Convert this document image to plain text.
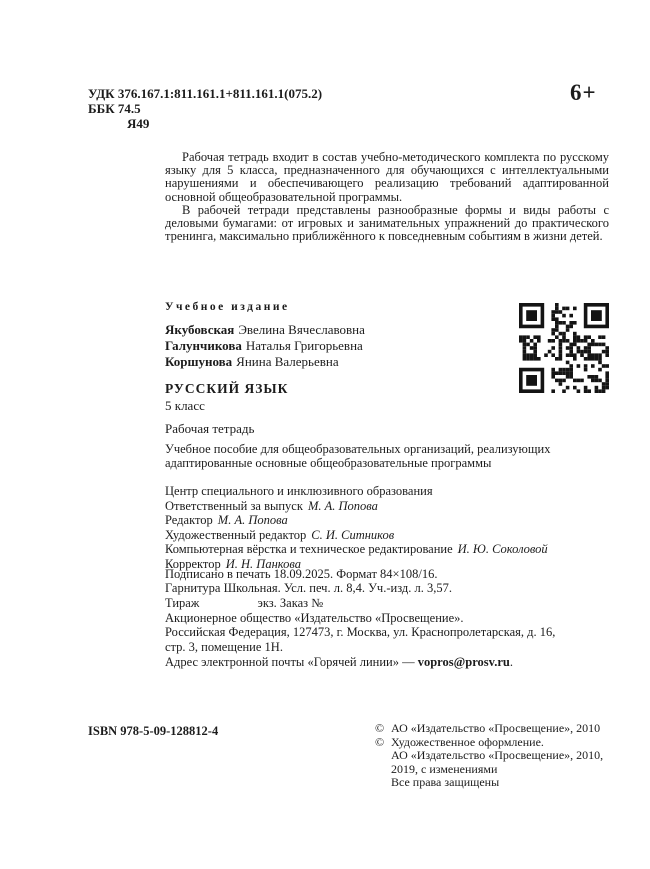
УДК 376.167.1:811.161.1+811.161.1(075.2)
ББК 74.5
Я49
6+

Рабочая тетрадь входит в состав учебно-методического комплекта по русскому языку для 5 класса, предназначенного для обучающихся с интеллектуальными нарушениями и обеспечивающего реализацию требований адаптированной основной общеобразовательной программы.

В рабочей тетради представлены разнообразные формы и виды работы с деловыми бумагами: от игровых и занимательных упражнений до практического тренинга, максимально приближённого к повседневным событиям в жизни детей.

Учебное издание
Якубовская Эвелина Вячеславовна
Галунчикова Наталья Григорьевна
Коршунова Янина Валерьевна
РУССКИЙ ЯЗЫК
5 класс
Рабочая тетрадь
Учебное пособие для общеобразовательных организаций, реализующих адаптированные основные общеобразовательные программы
Центр специального и инклюзивного образования
Ответственный за выпуск М. А. Попова
Редактор М. А. Попова
Художественный редактор С. И. Ситников
Компьютерная вёрстка и техническое редактирование И. Ю. Соколовой
Корректор И. Н. Панкова
Подписано в печать 18.09.2025. Формат 84×108/16.
Гарнитура Школьная. Усл. печ. л. 8,4. Уч.-изд. л. 3,57.
Тираж	экз. Заказ №
Акционерное общество «Издательство «Просвещение».
Российская Федерация, 127473, г. Москва, ул. Краснопролетарская, д. 16,
стр. 3, помещение 1Н.
Адрес электронной почты «Горячей линии» — vopros@prosv.ru.
ISBN 978-5-09-128812-4	© АО «Издательство «Просвещение», 2010
© Художественное оформление.
АО «Издательство «Просвещение», 2010,
2019, с изменениями
Все права защищены
